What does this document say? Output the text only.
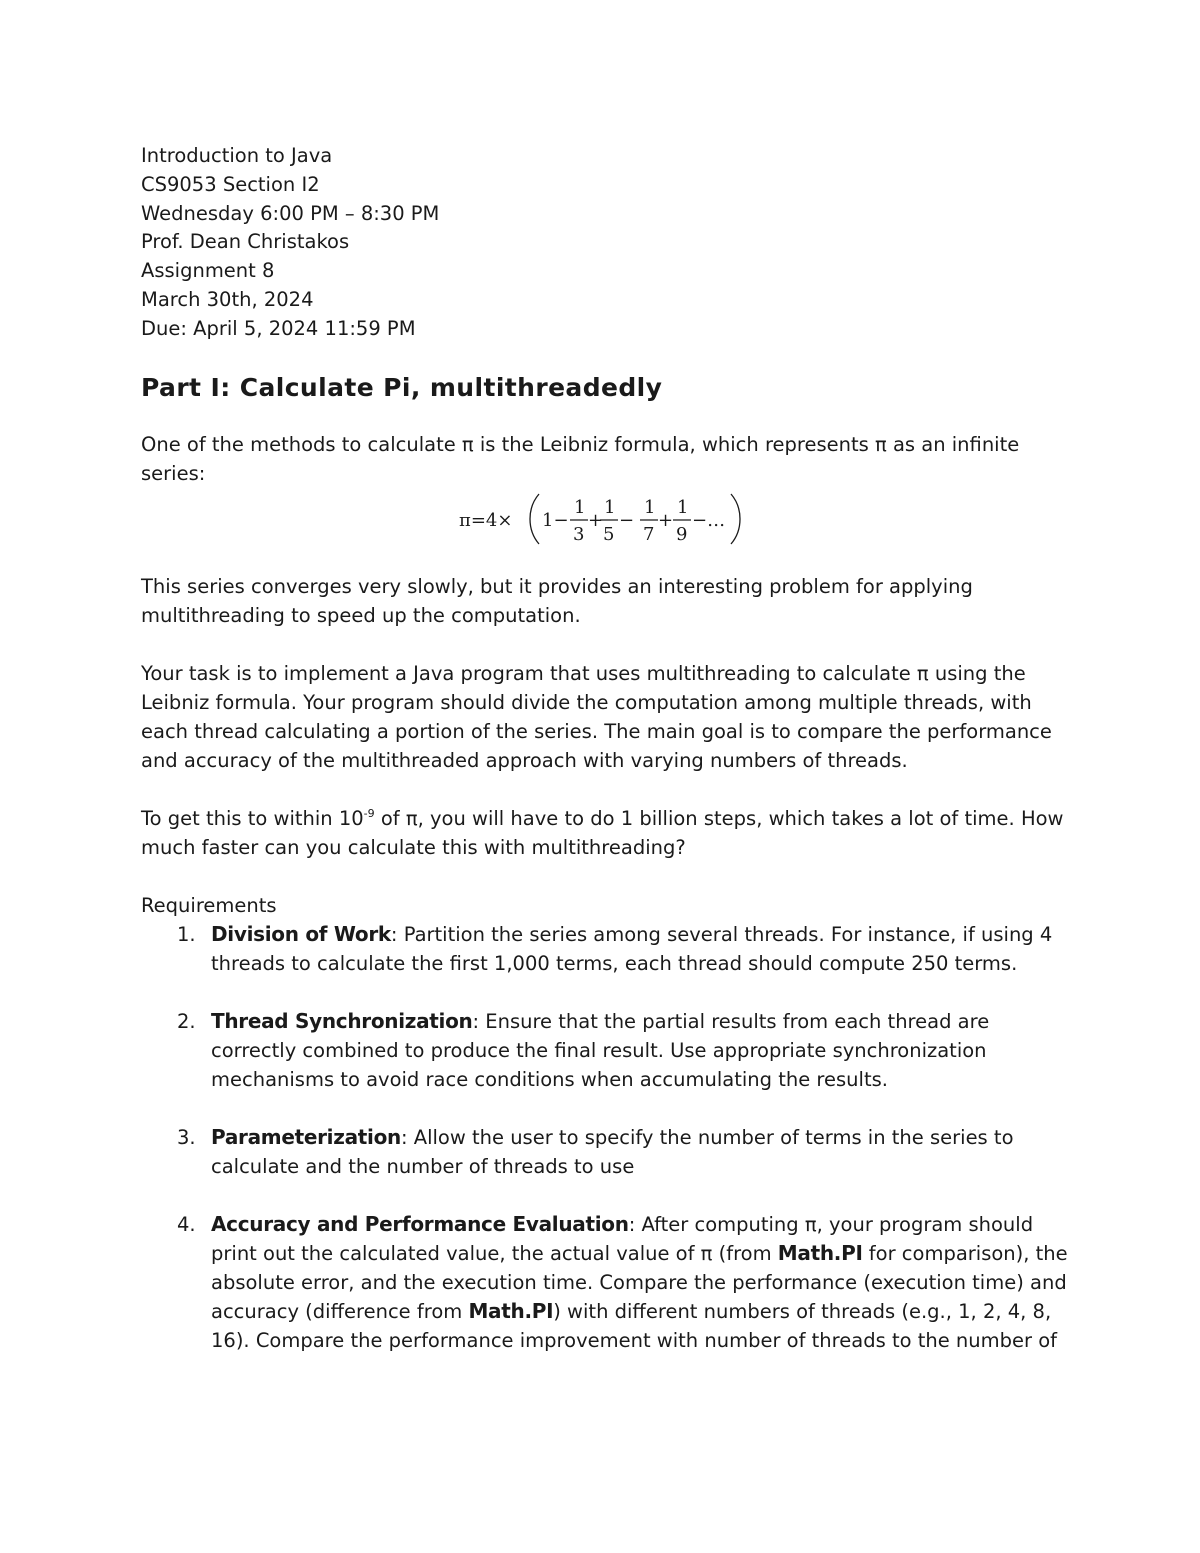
Introduction to Java

CS9053 Section I2

Wednesday 6:00 PM – 8:30 PM

Prof. Dean Christakos

Assignment 8

March 30th, 2024

Due: April 5, 2024 11:59 PM

Part I: Calculate Pi, multithreadedly

One of the methods to calculate π is the Leibniz formula, which represents π as an infinite series:

π=4× 1−
1
3
+
1
5
−
1
7
+
1
9
−…

This series converges very slowly, but it provides an interesting problem for applying multithreading to speed up the computation.

Your task is to implement a Java program that uses multithreading to calculate π using the Leibniz formula. Your program should divide the computation among multiple threads, with each thread calculating a portion of the series. The main goal is to compare the performance and accuracy of the multithreaded approach with varying numbers of threads.

To get this to within $10^{-9}$ of π, you will have to do 1 billion steps, which takes a lot of time. How much faster can you calculate this with multithreading?

Requirements

1. Division of Work: Partition the series among several threads. For instance, if using 4 threads to calculate the first 1,000 terms, each thread should compute 250 terms.
2. Thread Synchronization: Ensure that the partial results from each thread are correctly combined to produce the final result. Use appropriate synchronization mechanisms to avoid race conditions when accumulating the results.
3. Parameterization: Allow the user to specify the number of terms in the series to calculate and the number of threads to use
4. Accuracy and Performance Evaluation: After computing π, your program should print out the calculated value, the actual value of π (from Math.PI for comparison), the absolute error, and the execution time. Compare the performance (execution time) and accuracy (difference from Math.PI) with different numbers of threads (e.g., 1, 2, 4, 8, 16). Compare the performance improvement with number of threads to the number of
